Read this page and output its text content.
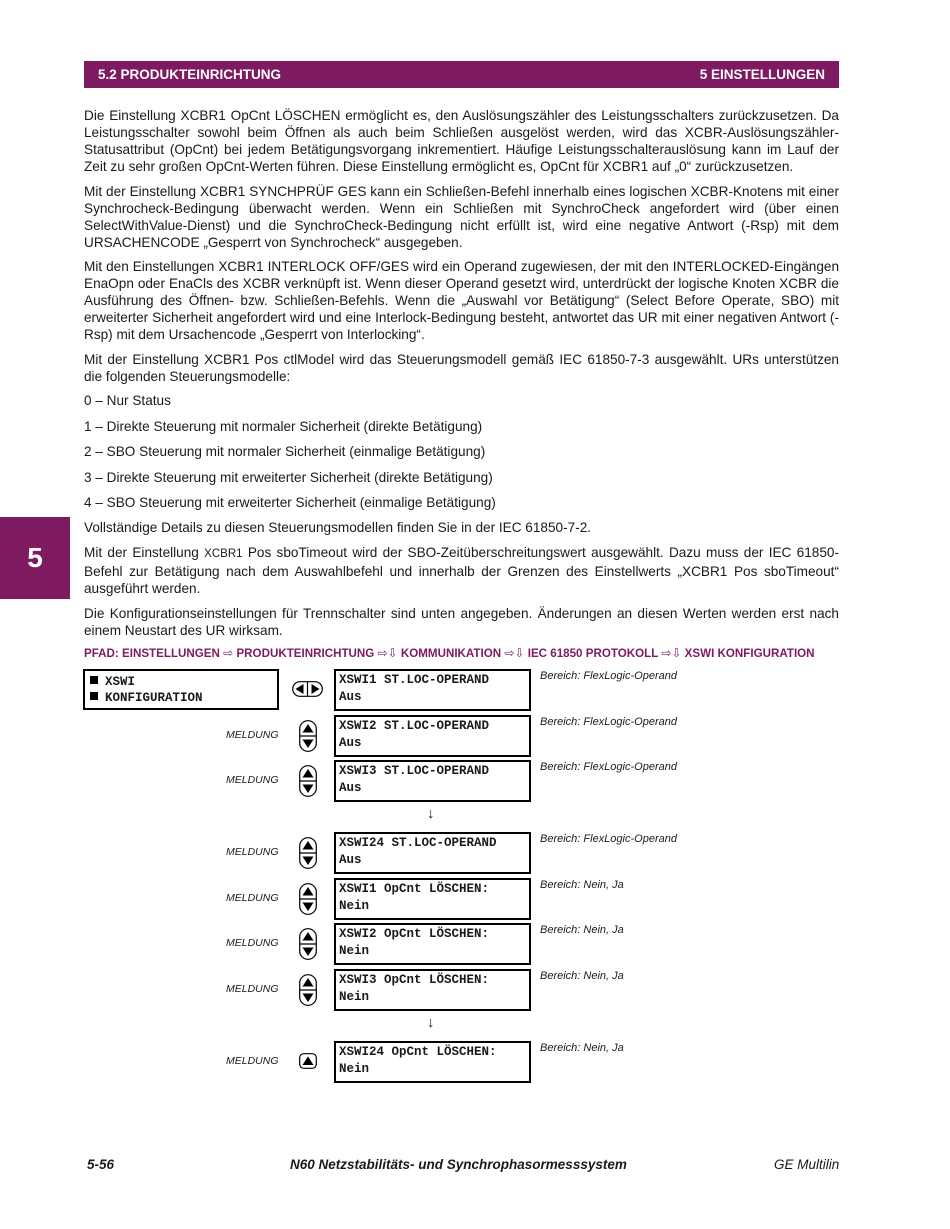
5.2 PRODUKTEINRICHTUNG	5 EINSTELLUNGEN
5

Die Einstellung XCBR1 OpCnt LÖSCHEN ermöglicht es, den Auslösungszähler des Leistungsschalters zurückzusetzen. Da Leistungsschalter sowohl beim Öffnen als auch beim Schließen ausgelöst werden, wird das XCBR-Auslösungszähler-Statusattribut (OpCnt) bei jedem Betätigungsvorgang inkrementiert. Häufige Leistungsschalterauslösung kann im Lauf der Zeit zu sehr großen OpCnt-Werten führen. Diese Einstellung ermöglicht es, OpCnt für XCBR1 auf „0“ zurückzusetzen.

Mit der Einstellung XCBR1 SYNCHPRÜF GES kann ein Schließen-Befehl innerhalb eines logischen XCBR-Knotens mit einer Synchrocheck-Bedingung überwacht werden. Wenn ein Schließen mit SynchroCheck angefordert wird (über einen SelectWithValue-Dienst) und die SynchroCheck-Bedingung nicht erfüllt ist, wird eine negative Antwort (-Rsp) mit dem URSACHENCODE „Gesperrt von Synchrocheck“ ausgegeben.

Mit den Einstellungen XCBR1 INTERLOCK OFF/GES wird ein Operand zugewiesen, der mit den INTERLOCKED-Eingängen EnaOpn oder EnaCls des XCBR verknüpft ist. Wenn dieser Operand gesetzt wird, unterdrückt der logische Knoten XCBR die Ausführung des Öffnen- bzw. Schließen-Befehls. Wenn die „Auswahl vor Betätigung“ (Select Before Operate, SBO) mit erweiterter Sicherheit angefordert wird und eine Interlock-Bedingung besteht, antwortet das UR mit einer negativen Antwort (-Rsp) mit dem Ursachencode „Gesperrt von Interlocking“.

Mit der Einstellung XCBR1 Pos ctlModel wird das Steuerungsmodell gemäß IEC 61850-7-3 ausgewählt. URs unterstützen die folgenden Steuerungsmodelle:

0 – Nur Status

1 – Direkte Steuerung mit normaler Sicherheit (direkte Betätigung)

2 – SBO Steuerung mit normaler Sicherheit (einmalige Betätigung)

3 – Direkte Steuerung mit erweiterter Sicherheit (direkte Betätigung)

4 – SBO Steuerung mit erweiterter Sicherheit (einmalige Betätigung)

Vollständige Details zu diesen Steuerungsmodellen finden Sie in der IEC 61850-7-2.

Mit der Einstellung XCBR1 Pos sboTimeout wird der SBO-Zeitüberschreitungswert ausgewählt. Dazu muss der IEC 61850-Befehl zur Betätigung nach dem Auswahlbefehl und innerhalb der Grenzen des Einstellwerts „XCBR1 Pos sboTimeout“ ausgeführt werden.

Die Konfigurationseinstellungen für Trennschalter sind unten angegeben. Änderungen an diesen Werten werden erst nach einem Neustart des UR wirksam.

PFAD: EINSTELLUNGEN ⇨ PRODUKTEINRICHTUNG ⇨⇩ KOMMUNIKATION ⇨⇩ IEC 61850 PROTOKOLL ⇨⇩ XSWI KONFIGURATION
XSWI
KONFIGURATION
XSWI1 ST.LOC-OPERAND
Aus
Bereich: FlexLogic-Operand
MELDUNG
XSWI2 ST.LOC-OPERAND
Aus
Bereich: FlexLogic-Operand
MELDUNG
XSWI3 ST.LOC-OPERAND
Aus
Bereich: FlexLogic-Operand
↓
MELDUNG
XSWI24 ST.LOC-OPERAND
Aus
Bereich: FlexLogic-Operand
MELDUNG
XSWI1 OpCnt LÖSCHEN:
Nein
Bereich: Nein, Ja
MELDUNG
XSWI2 OpCnt LÖSCHEN:
Nein
Bereich: Nein, Ja
MELDUNG
XSWI3 OpCnt LÖSCHEN:
Nein
Bereich: Nein, Ja
↓
MELDUNG
XSWI24 OpCnt LÖSCHEN:
Nein
Bereich: Nein, Ja
5-56	N60 Netzstabilitäts- und Synchrophasormesssystem	GE Multilin
